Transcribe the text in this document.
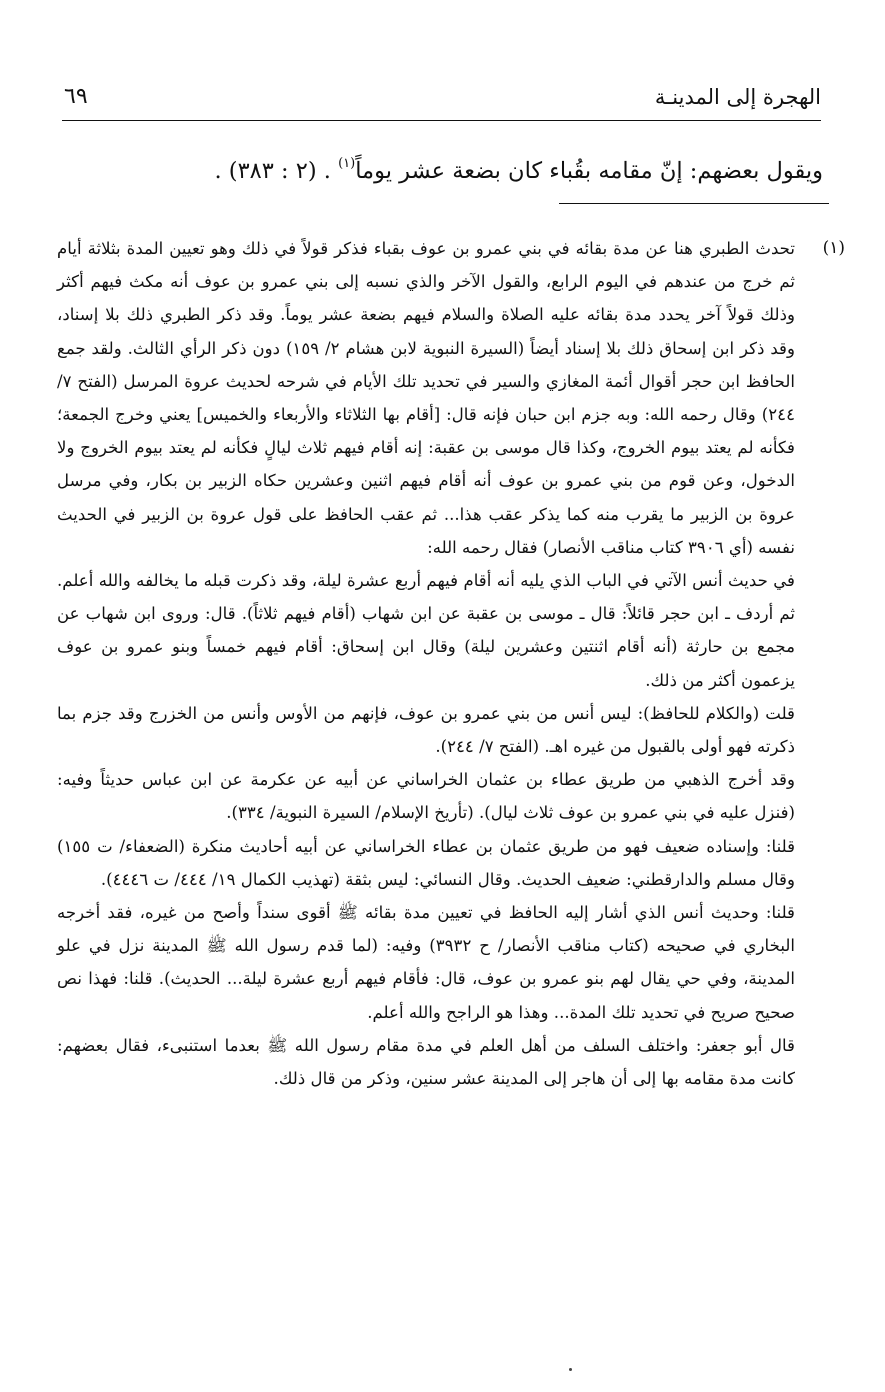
الهجرة إلى المدينـة
٦٩
ويقول بعضهم: إنّ مقامه بقُباء كان بضعة عشر يوماً$^{(١)}$ . (٢ : ٣٨٣) .
(١)

تحدث الطبري هنا عن مدة بقائه في بني عمرو بن عوف بقباء فذكر قولاً في ذلك وهو تعيين المدة بثلاثة أيام ثم خرج من عندهم في اليوم الرابع، والقول الآخر والذي نسبه إلى بني عمرو بن عوف أنه مكث فيهم أكثر وذلك قولاً آخر يحدد مدة بقائه عليه الصلاة والسلام فيهم بضعة عشر يوماً. وقد ذكر الطبري ذلك بلا إسناد، وقد ذكر ابن إسحاق ذلك بلا إسناد أيضاً (السيرة النبوية لابن هشام ٢/ ١٥٩) دون ذكر الرأي الثالث. ولقد جمع الحافظ ابن حجر أقوال أئمة المغازي والسير في تحديد تلك الأيام في شرحه لحديث عروة المرسل (الفتح ٧/ ٢٤٤) وقال رحمه الله: وبه جزم ابن حبان فإنه قال: [أقام بها الثلاثاء والأربعاء والخميس] يعني وخرج الجمعة؛ فكأنه لم يعتد بيوم الخروج، وكذا قال موسى بن عقبة: إنه أقام فيهم ثلاث ليالٍ فكأنه لم يعتد بيوم الخروج ولا الدخول، وعن قوم من بني عمرو بن عوف أنه أقام فيهم اثنين وعشرين حكاه الزبير بن بكار، وفي مرسل عروة بن الزبير ما يقرب منه كما يذكر عقب هذا... ثم عقب الحافظ على قول عروة بن الزبير في الحديث نفسه (أي ٣٩٠٦ كتاب مناقب الأنصار) فقال رحمه الله:

في حديث أنس الآتي في الباب الذي يليه أنه أقام فيهم أربع عشرة ليلة، وقد ذكرت قبله ما يخالفه والله أعلم. ثم أردف ـ ابن حجر قائلاً: قال ـ موسى بن عقبة عن ابن شهاب (أقام فيهم ثلاثاً). قال: وروى ابن شهاب عن مجمع بن حارثة (أنه أقام اثنتين وعشرين ليلة) وقال ابن إسحاق: أقام فيهم خمساً وبنو عمرو بن عوف يزعمون أكثر من ذلك.

قلت (والكلام للحافظ): ليس أنس من بني عمرو بن عوف، فإنهم من الأوس وأنس من الخزرج وقد جزم بما ذكرته فهو أولى بالقبول من غيره اهـ. (الفتح ٧/ ٢٤٤).

وقد أخرج الذهبي من طريق عطاء بن عثمان الخراساني عن أبيه عن عكرمة عن ابن عباس حديثاً وفيه: (فنزل عليه في بني عمرو بن عوف ثلاث ليال). (تأريخ الإسلام/ السيرة النبوية/ ٣٣٤).

قلنا: وإسناده ضعيف فهو من طريق عثمان بن عطاء الخراساني عن أبيه أحاديث منكرة (الضعفاء/ ت ١٥٥) وقال مسلم والدارقطني: ضعيف الحديث. وقال النسائي: ليس بثقة (تهذيب الكمال ١٩/ ٤٤٤/ ت ٤٤٤٦).

قلنا: وحديث أنس الذي أشار إليه الحافظ في تعيين مدة بقائه ﷺ أقوى سنداً وأصح من غيره، فقد أخرجه البخاري في صحيحه (كتاب مناقب الأنصار/ ح ٣٩٣٢) وفيه: (لما قدم رسول الله ﷺ المدينة نزل في علو المدينة، وفي حي يقال لهم بنو عمرو بن عوف، قال: فأقام فيهم أربع عشرة ليلة... الحديث). قلنا: فهذا نص صحيح صريح في تحديد تلك المدة... وهذا هو الراجح والله أعلم.

قال أبو جعفر: واختلف السلف من أهل العلم في مدة مقام رسول الله ﷺ بعدما استنبىء، فقال بعضهم: كانت مدة مقامه بها إلى أن هاجر إلى المدينة عشر سنين، وذكر من قال ذلك.
